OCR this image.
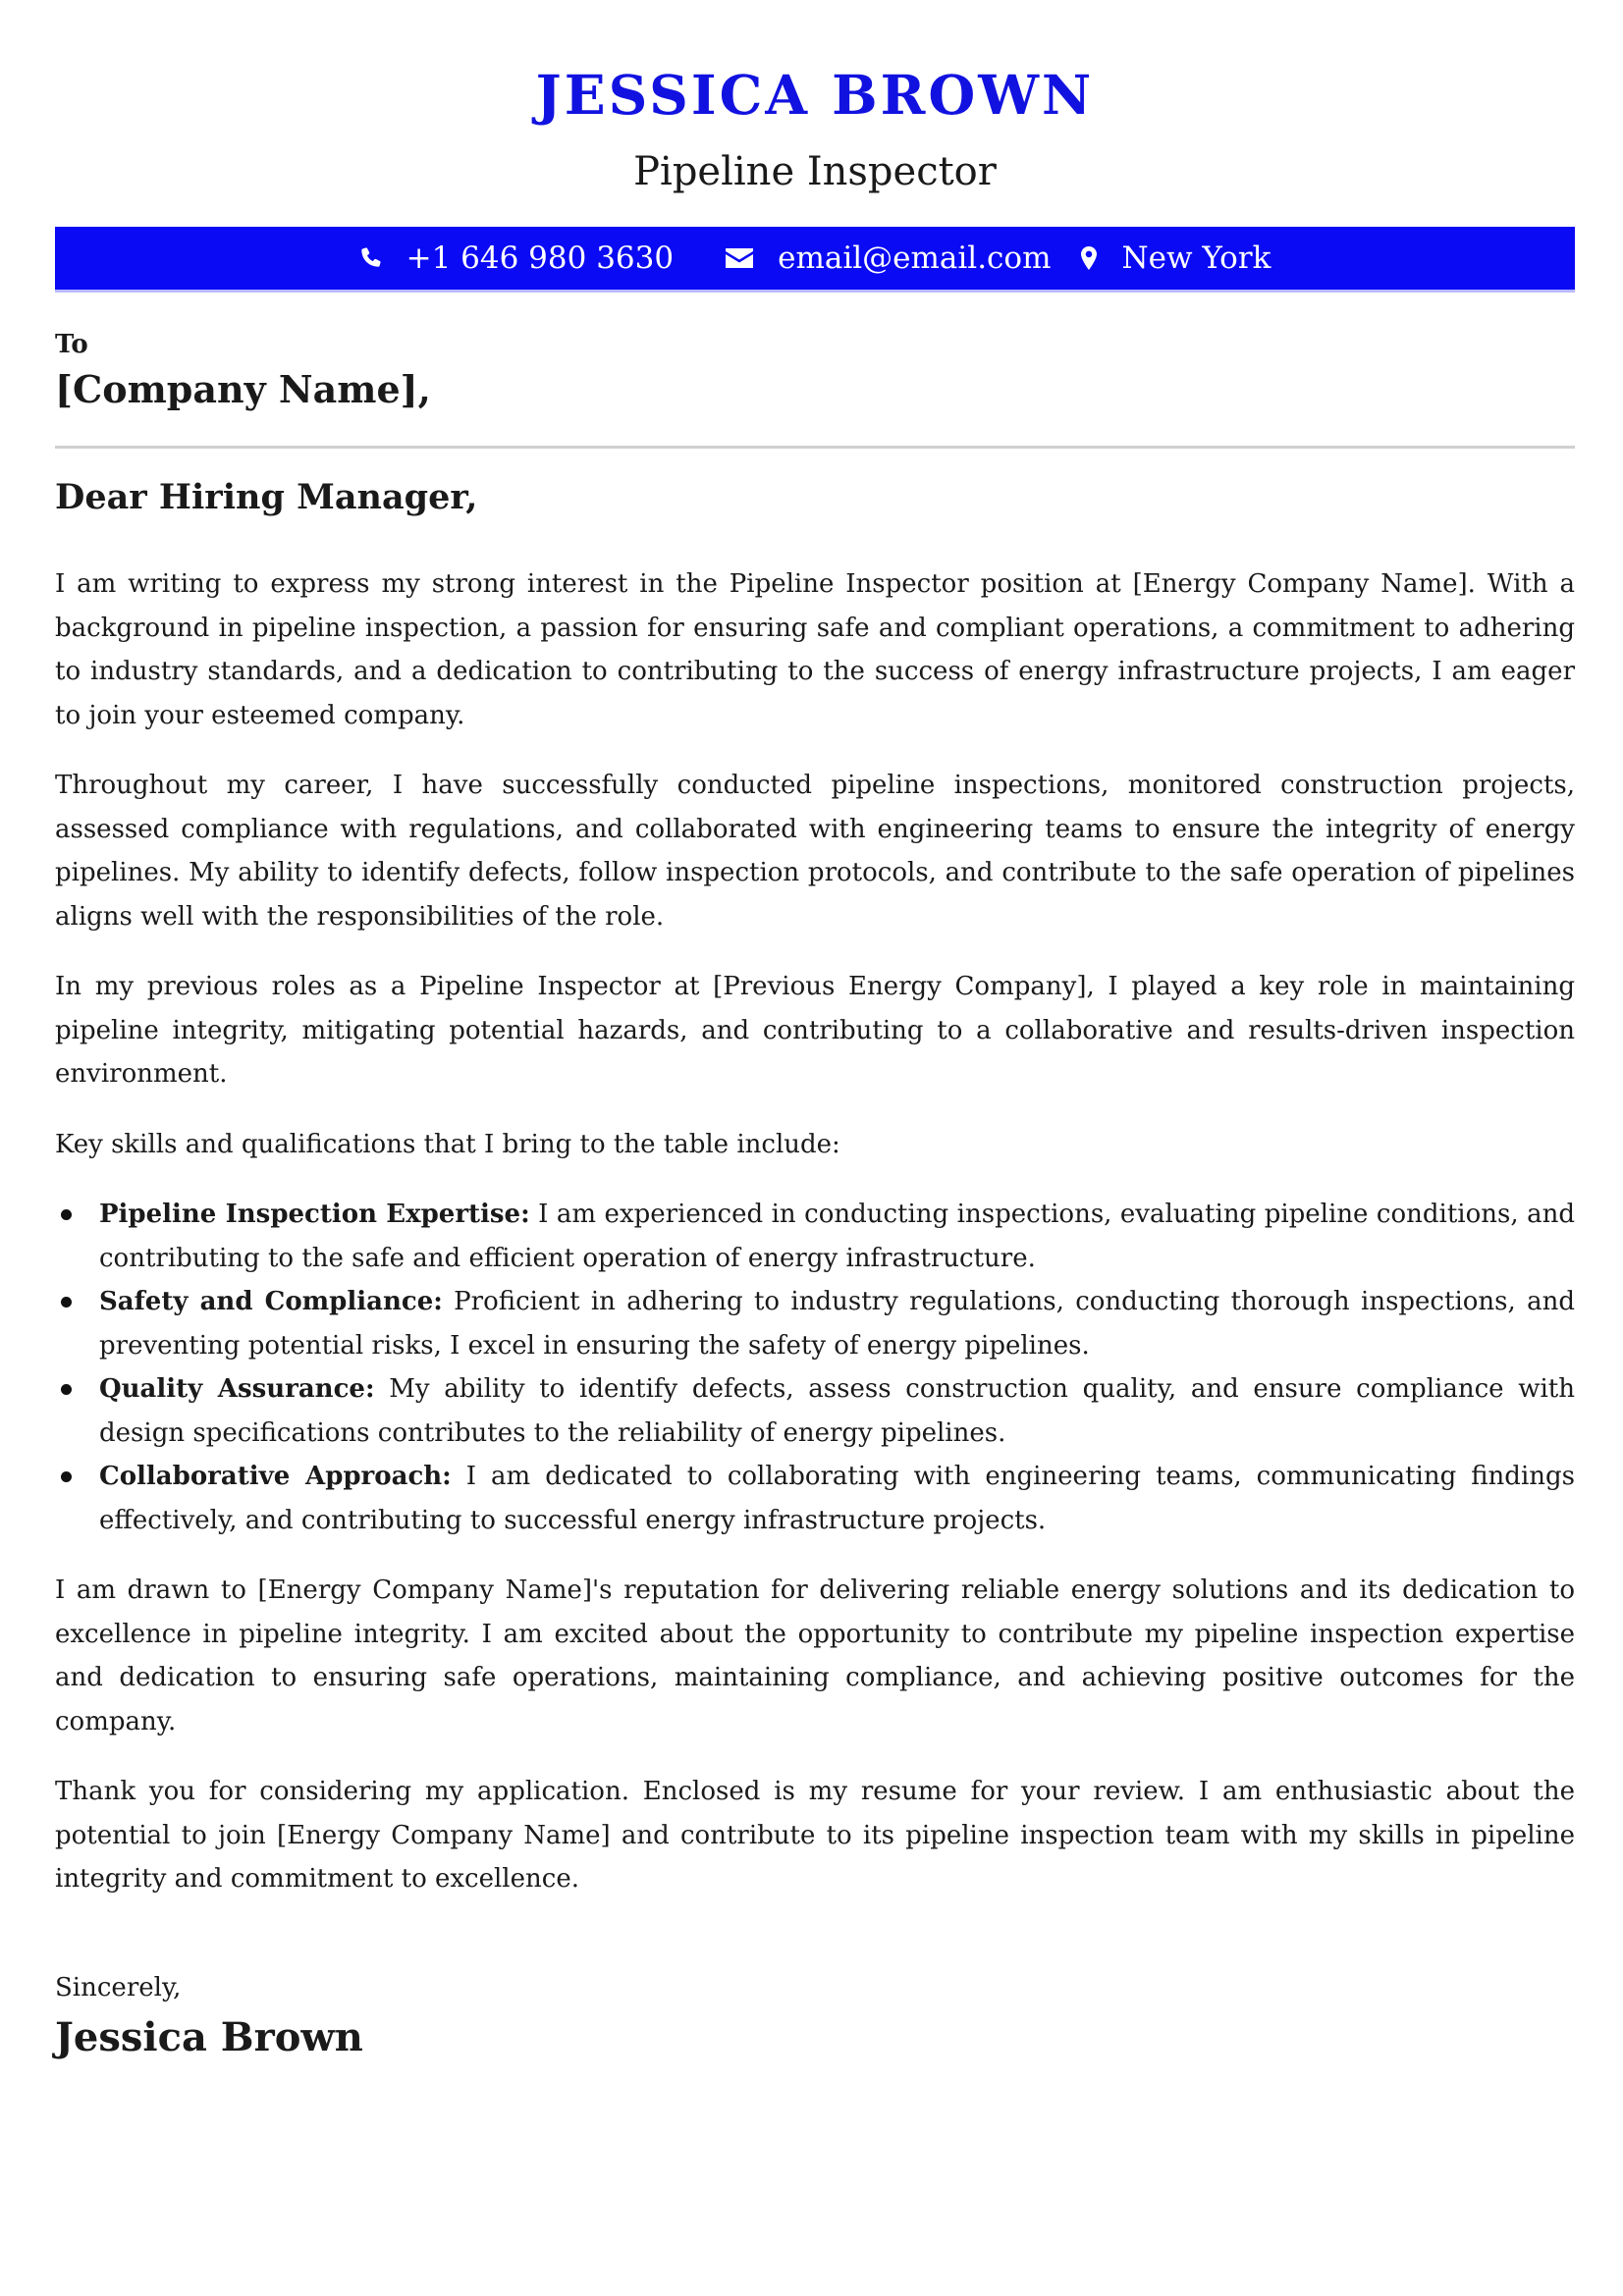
JESSICA BROWN
Pipeline Inspector
+1 646 980 3630	email@email.com New York
To
[Company Name],
Dear Hiring Manager,

I am writing to express my strong interest in the Pipeline Inspector position at [Energy Company Name]. With a background in pipeline inspection, a passion for ensuring safe and compliant operations, a commitment to adhering to industry standards, and a dedication to contributing to the success of energy infrastructure projects, I am eager to join your esteemed company.

Throughout my career, I have successfully conducted pipeline inspections, monitored construction projects, assessed compliance with regulations, and collaborated with engineering teams to ensure the integrity of energy pipelines. My ability to identify defects, follow inspection protocols, and contribute to the safe operation of pipelines aligns well with the responsibilities of the role.

In my previous roles as a Pipeline Inspector at [Previous Energy Company], I played a key role in maintaining pipeline integrity, mitigating potential hazards, and contributing to a collaborative and results-driven inspection environment.

Key skills and qualifications that I bring to the table include:

Pipeline Inspection Expertise: I am experienced in conducting inspections, evaluating pipeline conditions, and contributing to the safe and efficient operation of energy infrastructure.
Safety and Compliance: Proficient in adhering to industry regulations, conducting thorough inspections, and preventing potential risks, I excel in ensuring the safety of energy pipelines.
Quality Assurance: My ability to identify defects, assess construction quality, and ensure compliance with design specifications contributes to the reliability of energy pipelines.
Collaborative Approach: I am dedicated to collaborating with engineering teams, communicating findings effectively, and contributing to successful energy infrastructure projects.

I am drawn to [Energy Company Name]'s reputation for delivering reliable energy solutions and its dedication to excellence in pipeline integrity. I am excited about the opportunity to contribute my pipeline inspection expertise and dedication to ensuring safe operations, maintaining compliance, and achieving positive outcomes for the company.

Thank you for considering my application. Enclosed is my resume for your review. I am enthusiastic about the potential to join [Energy Company Name] and contribute to its pipeline inspection team with my skills in pipeline integrity and commitment to excellence.

Sincerely,
Jessica Brown
